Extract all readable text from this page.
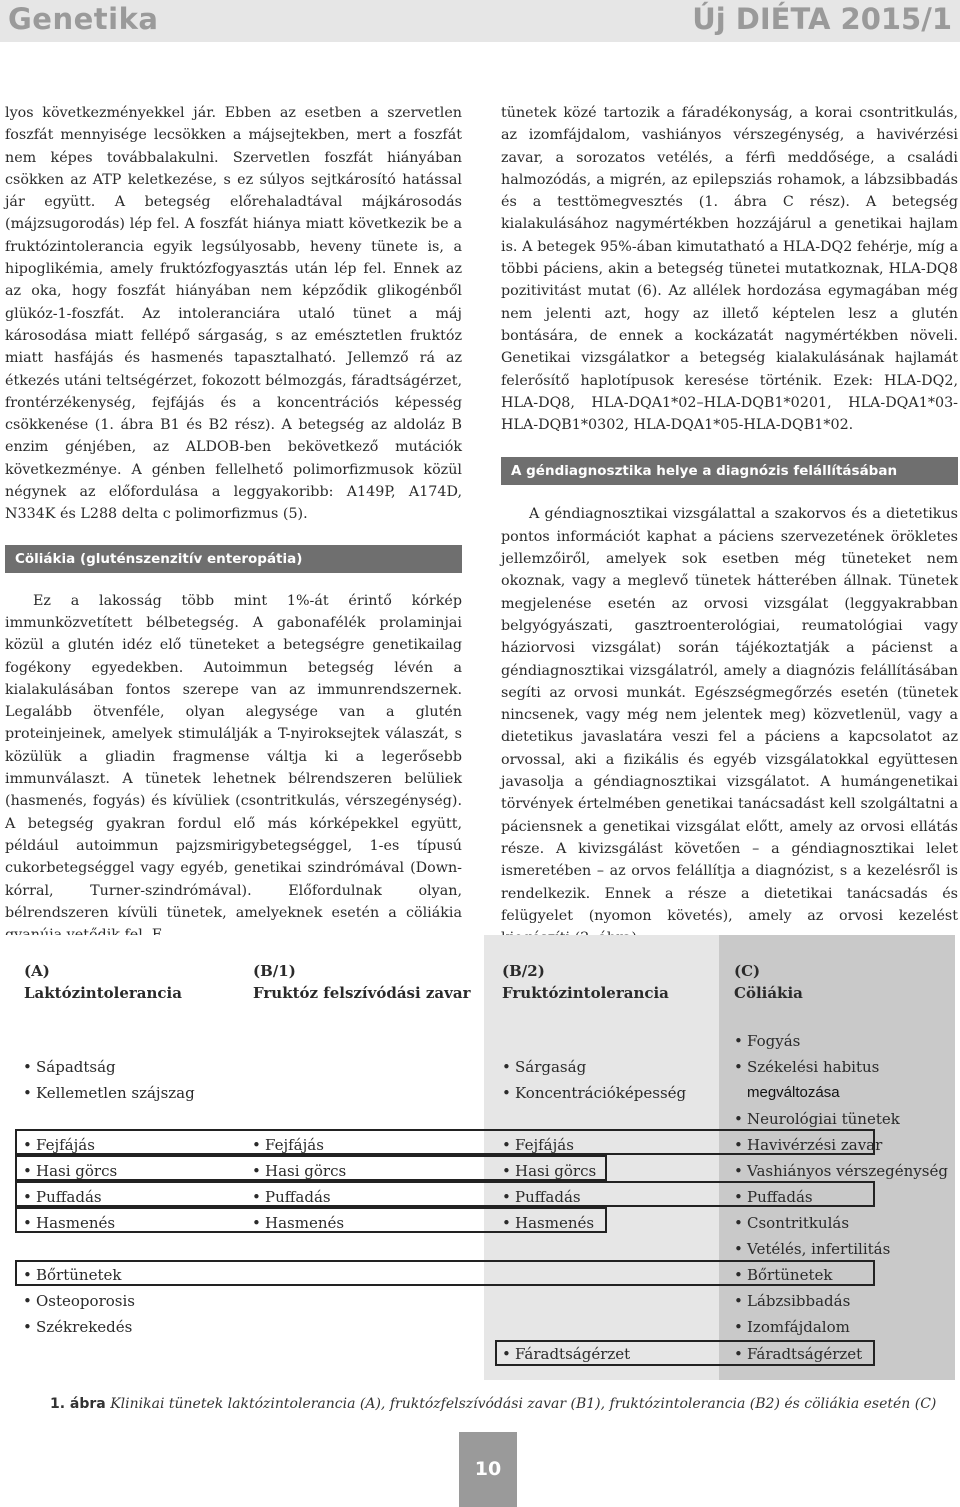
Genetika	Új DIÉTA 2015/1

lyos következményekkel jár. Ebben az esetben a szervetlen foszfát mennyisége lecsökken a májsejtekben, mert a foszfát nem képes továbbalakulni. Szervetlen foszfát hiányában csökken az ATP keletkezése, s ez súlyos sejtkárosító hatással jár együtt. A betegség előrehaladtával májkárosodás (májzsugorodás) lép fel. A foszfát hiánya miatt következik be a fruktózintolerancia egyik legsúlyosabb, heveny tünete is, a hipoglikémia, amely fruktózfogyasztás után lép fel. Ennek az az oka, hogy foszfát hiányában nem képződik glikogénből glükóz-1-foszfát. Az intoleranciára utaló tünet a máj károsodása miatt fellépő sárgaság, s az emésztetlen fruktóz miatt hasfájás és hasmenés tapasztalható. Jellemző rá az étkezés utáni teltségérzet, fokozott bélmozgás, fáradtságérzet, frontérzékenység, fejfájás és a koncentrációs képesség csökkenése (1. ábra B1 és B2 rész). A betegség az aldoláz B enzim génjében, az ALDOB-ben bekövetkező mutációk következménye. A génben fellelhető polimorfizmusok közül négynek az előfordulása a leggyakoribb: A149P, A174D, N334K és L288 delta c polimorfizmus (5).

Cöliákia (gluténszenzitív enteropátia)

Ez a lakosság több mint 1%-át érintő kórkép immunközvetített bélbetegség. A gabonafélék prolaminjai közül a glutén idéz elő tüneteket a betegségre genetikailag fogékony egyedekben. Autoimmun betegség lévén a kialakulásában fontos szerepe van az immunrendszernek. Legalább ötvenféle, olyan alegysége van a glutén proteinjeinek, amelyek stimulálják a T-nyiroksejtek válaszát, s közülük a gliadin fragmense váltja ki a legerősebb immunválaszt. A tünetek lehetnek bélrendszeren belüliek (hasmenés, fogyás) és kívüliek (csontritkulás, vérszegénység). A betegség gyakran fordul elő más kórképekkel együtt, például autoimmun pajzsmirigybetegséggel, 1-es típusú cukorbetegséggel vagy egyéb, genetikai szindrómával (Down-kórral, Turner-szindrómával). Előfordulnak olyan, bélrendszeren kívüli tünetek, amelyeknek esetén a cöliákia

tünetek közé tartozik a fáradékonyság, a korai csontritkulás, az izomfájdalom, vashiányos vérszegénység, a havivérzési zavar, a sorozatos vetélés, a férfi meddősége, a családi halmozódás, a migrén, az epilepsziás rohamok, a lábzsibbadás és a testtömegvesztés (1. ábra C rész). A betegség kialakulásához nagymértékben hozzájárul a genetikai hajlam is. A betegek 95%-ában kimutatható a HLA-DQ2 fehérje, míg a többi páciens, akin a betegség tünetei mutatkoznak, HLA-DQ8 pozitivitást mutat (6). Az allélek hordozása egymagában még nem jelenti azt, hogy az illető képtelen lesz a glutén bontására, de ennek a kockázatát nagymértékben növeli. Genetikai vizsgálatkor a betegség kialakulásának hajlamát felerősítő haplotípusok keresése történik. Ezek: HLA-DQ2, HLA-DQ8, HLA-DQA1*02–HLA-DQB1*0201, HLA-DQA1*03-HLA-DQB1*0302, HLA-DQA1*05-HLA-DQB1*02.

A géndiagnosztika helye a diagnózis felállításában

A géndiagnosztikai vizsgálattal a szakorvos és a dietetikus pontos információt kaphat a páciens szervezetének örökletes jellemzőiről, amelyek sok esetben még tüneteket nem okoznak, vagy a meglevő tünetek hátterében állnak. Tünetek megjelenése esetén az orvosi vizsgálat (leggyakrabban belgyógyászati, gasztroenterológiai, reumatológiai vagy háziorvosi vizsgálat) során tájékoztatják a pácienst a géndiagnosztikai vizsgálatról, amely a diagnózis felállításában segíti az orvosi munkát. Egészségmegőrzés esetén (tünetek nincsenek, vagy még nem jelentek meg) közvetlenül, vagy a dietetikus javaslatára veszi fel a páciens a kapcsolatot az orvossal, aki a fizikális és egyéb vizsgálatokkal együttesen javasolja a géndiagnosztikai vizsgálatot. A humángenetikai törvények értelmében genetikai tanácsadást kell szolgáltatni a páciensnek a genetikai vizsgálat előtt, amely az orvosi ellátás része. A kivizsgálást követően – a géndiagnosztikai lelet ismeretében – az orvos felállítja a diagnózist, s a kezelésről is rendelkezik. Ennek a része a dietetikai tanácsadás és felügyelet (nyomon követés), amely az orvosi kezelést

(A)
Laktózintolerancia
(B/1)
Fruktóz felszívódási zavar
(B/2)
Fruktózintolerancia
(C)
Cöliákia
• Sápadtság
• Kellemetlen szájszag
• Fejfájás
• Hasi görcs
• Puffadás
• Hasmenés
• Bőrtünetek
• Osteoporosis
• Székrekedés
• Fejfájás
• Hasi görcs
• Puffadás
• Hasmenés
• Sárgaság
• Koncentrációképesség
• Fejfájás
• Hasi görcs
• Puffadás
• Hasmenés
• Fáradtságérzet
• Fogyás
• Székelési habitus
megváltozása
• Neurológiai tünetek
• Havivérzési zavar
• Vashiányos vérszegénység
• Puffadás
• Csontritkulás
• Vetélés, infertilitás
• Bőrtünetek
• Lábzsibbadás
• Izomfájdalom
• Fáradtságérzet
1. ábra Klinikai tünetek laktózintolerancia (A), fruktózfelszívódási zavar (B1), fruktózintolerancia (B2) és cöliákia esetén (C)
10
